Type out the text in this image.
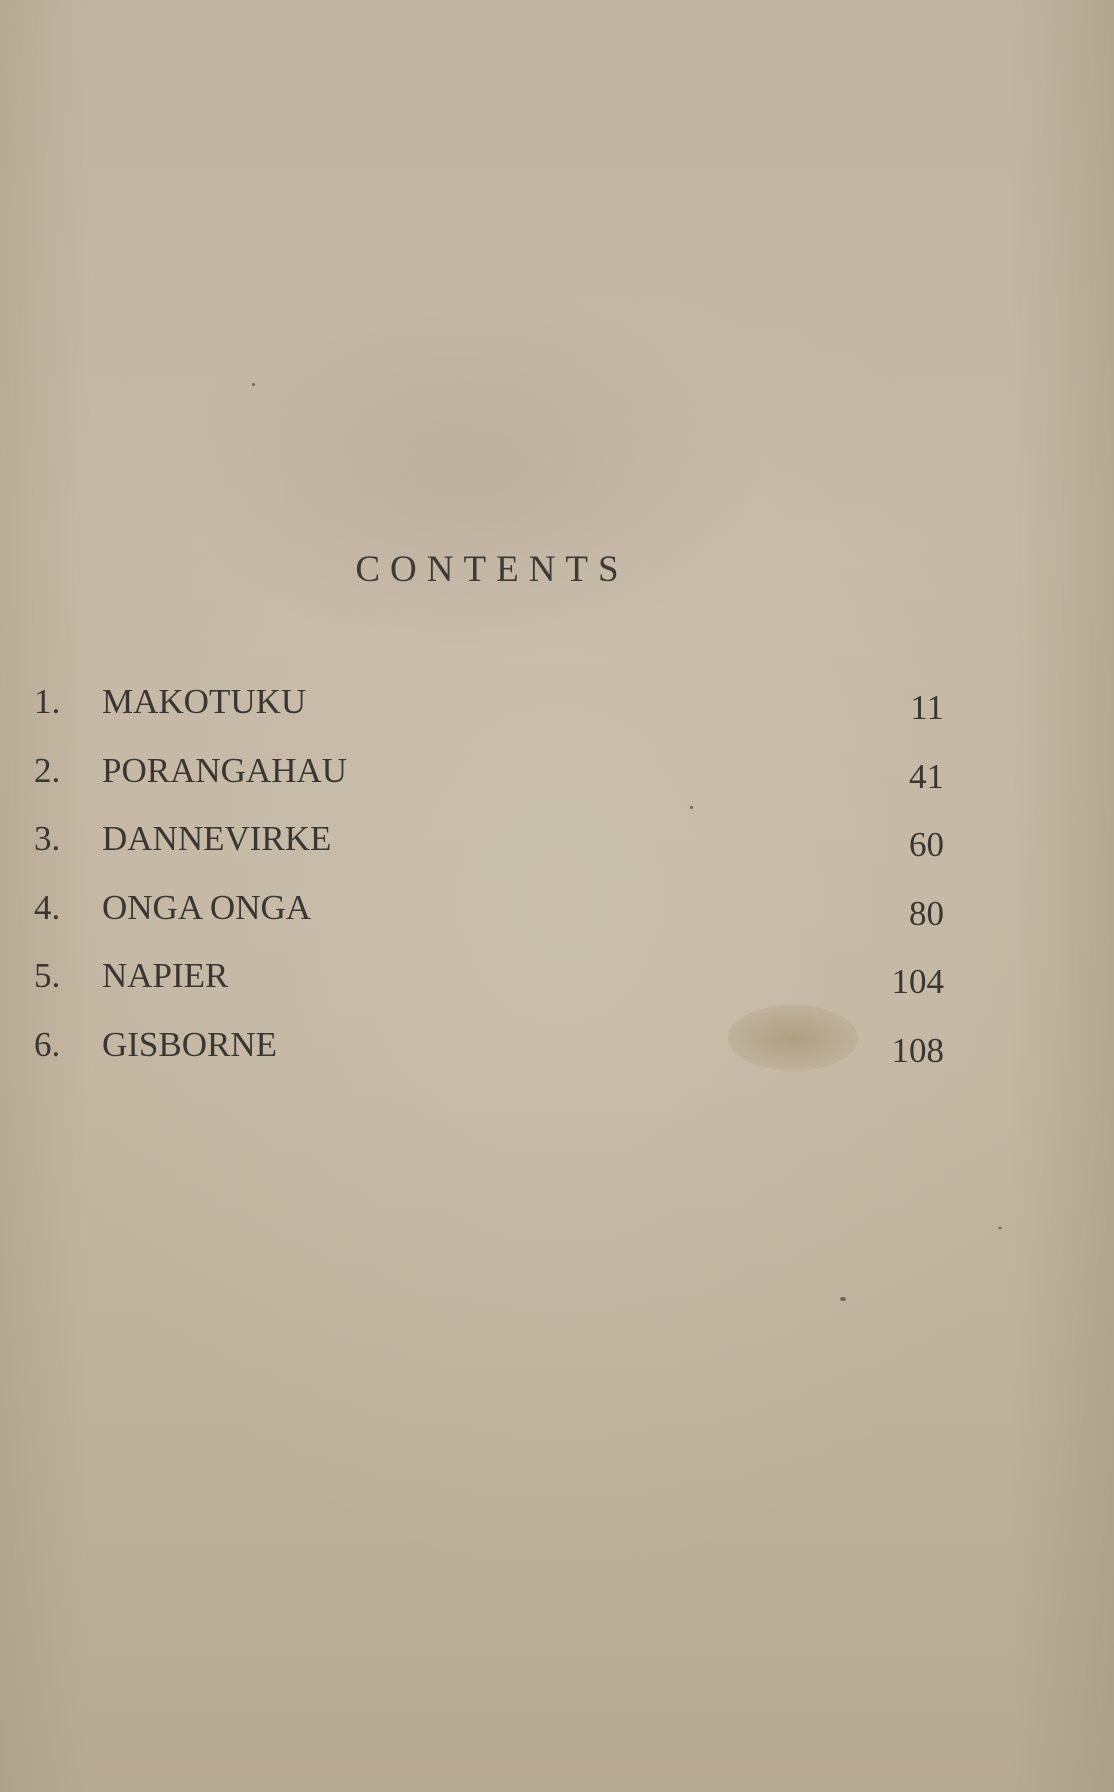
CONTENTS
1.	MAKOTUKU	11
2.	PORANGAHAU	41
3.	DANNEVIRKE	60
4.	ONGA ONGA	80
5.	NAPIER	104
6.	GISBORNE	108
